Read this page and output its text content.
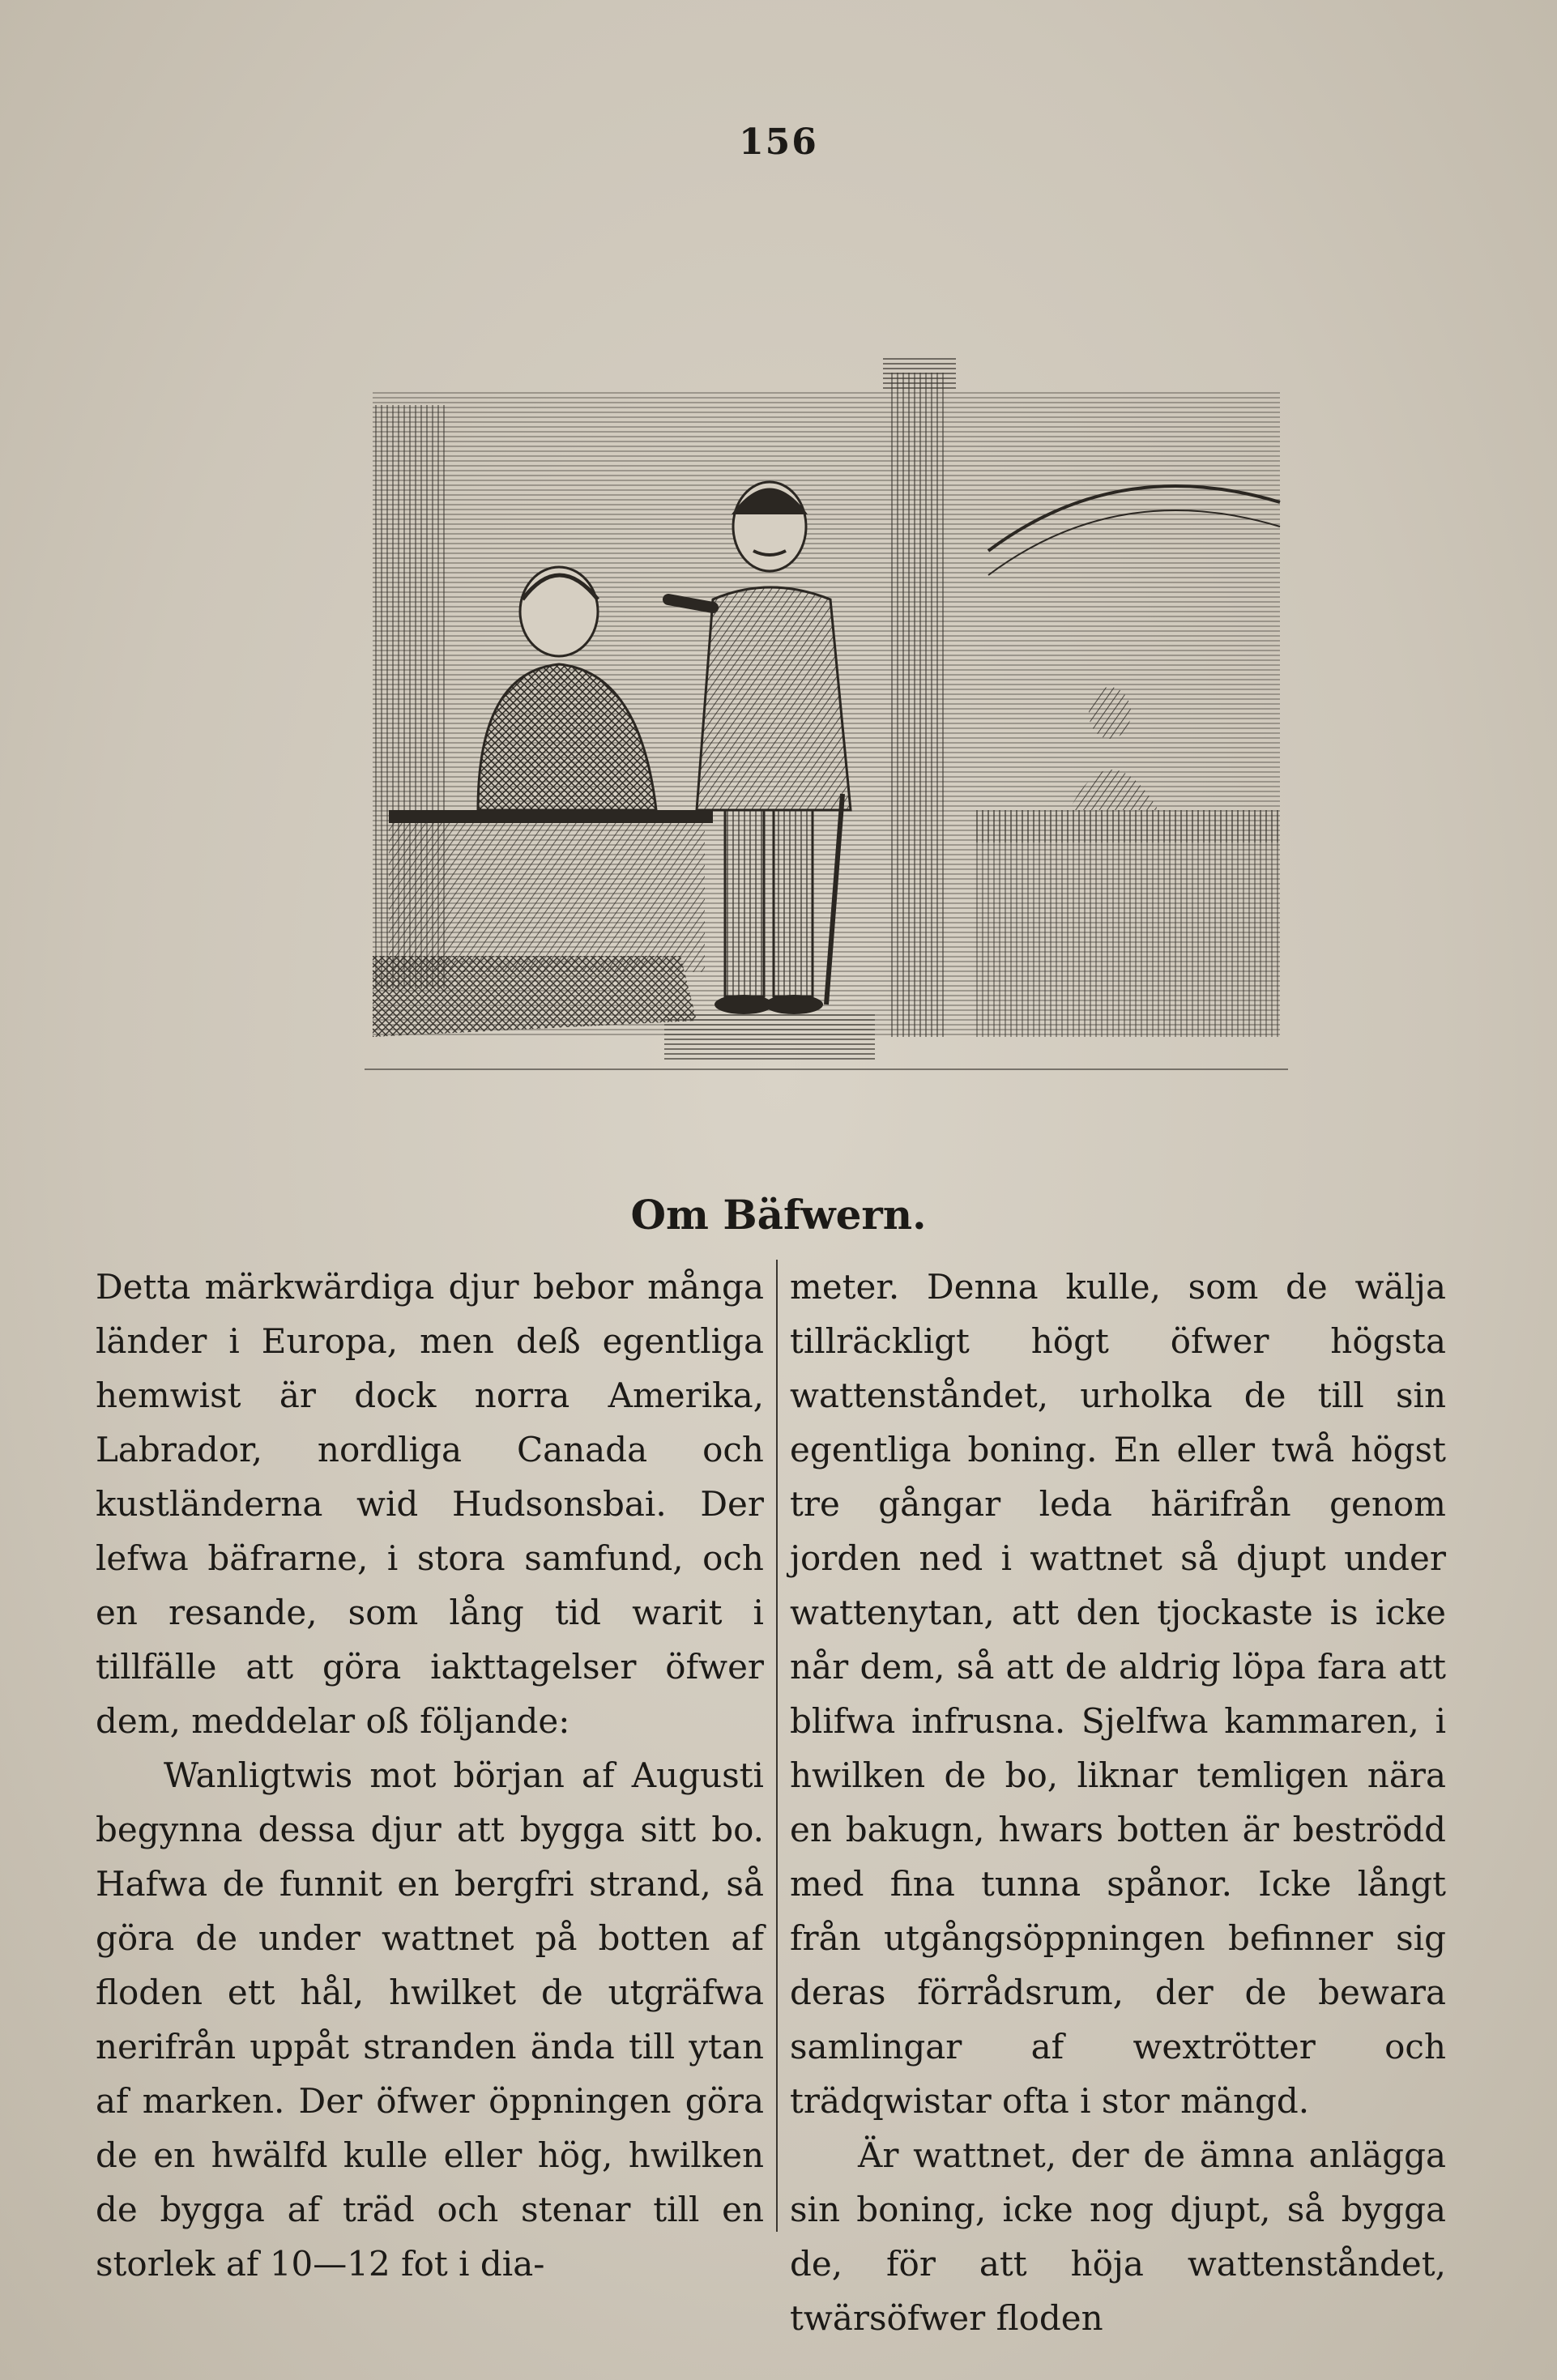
156
Om Bäfwern.

Detta märkwärdiga djur bebor många länder i Europa, men deß egentliga hemwist är dock norra Amerika, Labrador, nordliga Canada och kustländerna wid Hudsonsbai. Der lefwa bäfrarne, i stora samfund, och en resande, som lång tid warit i tillfälle att göra iakttagelser öfwer dem, meddelar oß följande:

Wanligtwis mot början af Augusti begynna dessa djur att bygga sitt bo. Hafwa de funnit en bergfri strand, så göra de under wattnet på botten af floden ett hål, hwilket de utgräfwa nerifrån uppåt stranden ända till ytan af marken. Der öfwer öppningen göra de en hwälfd kulle eller hög, hwilken de bygga af träd och stenar till en storlek af 10—12 fot i dia-

meter. Denna kulle, som de wälja tillräckligt högt öfwer högsta wattenståndet, urholka de till sin egentliga boning. En eller twå högst tre gångar leda härifrån genom jorden ned i wattnet så djupt under wattenytan, att den tjockaste is icke når dem, så att de aldrig löpa fara att blifwa infrusna. Sjelfwa kammaren, i hwilken de bo, liknar temligen nära en bakugn, hwars botten är beströdd med fina tunna spånor. Icke långt från utgångsöppningen befinner sig deras förrådsrum, der de bewara samlingar af wextrötter och trädqwistar ofta i stor mängd.

Är wattnet, der de ämna anlägga sin boning, icke nog djupt, så bygga de, för att höja wattenståndet, twärsöfwer floden
